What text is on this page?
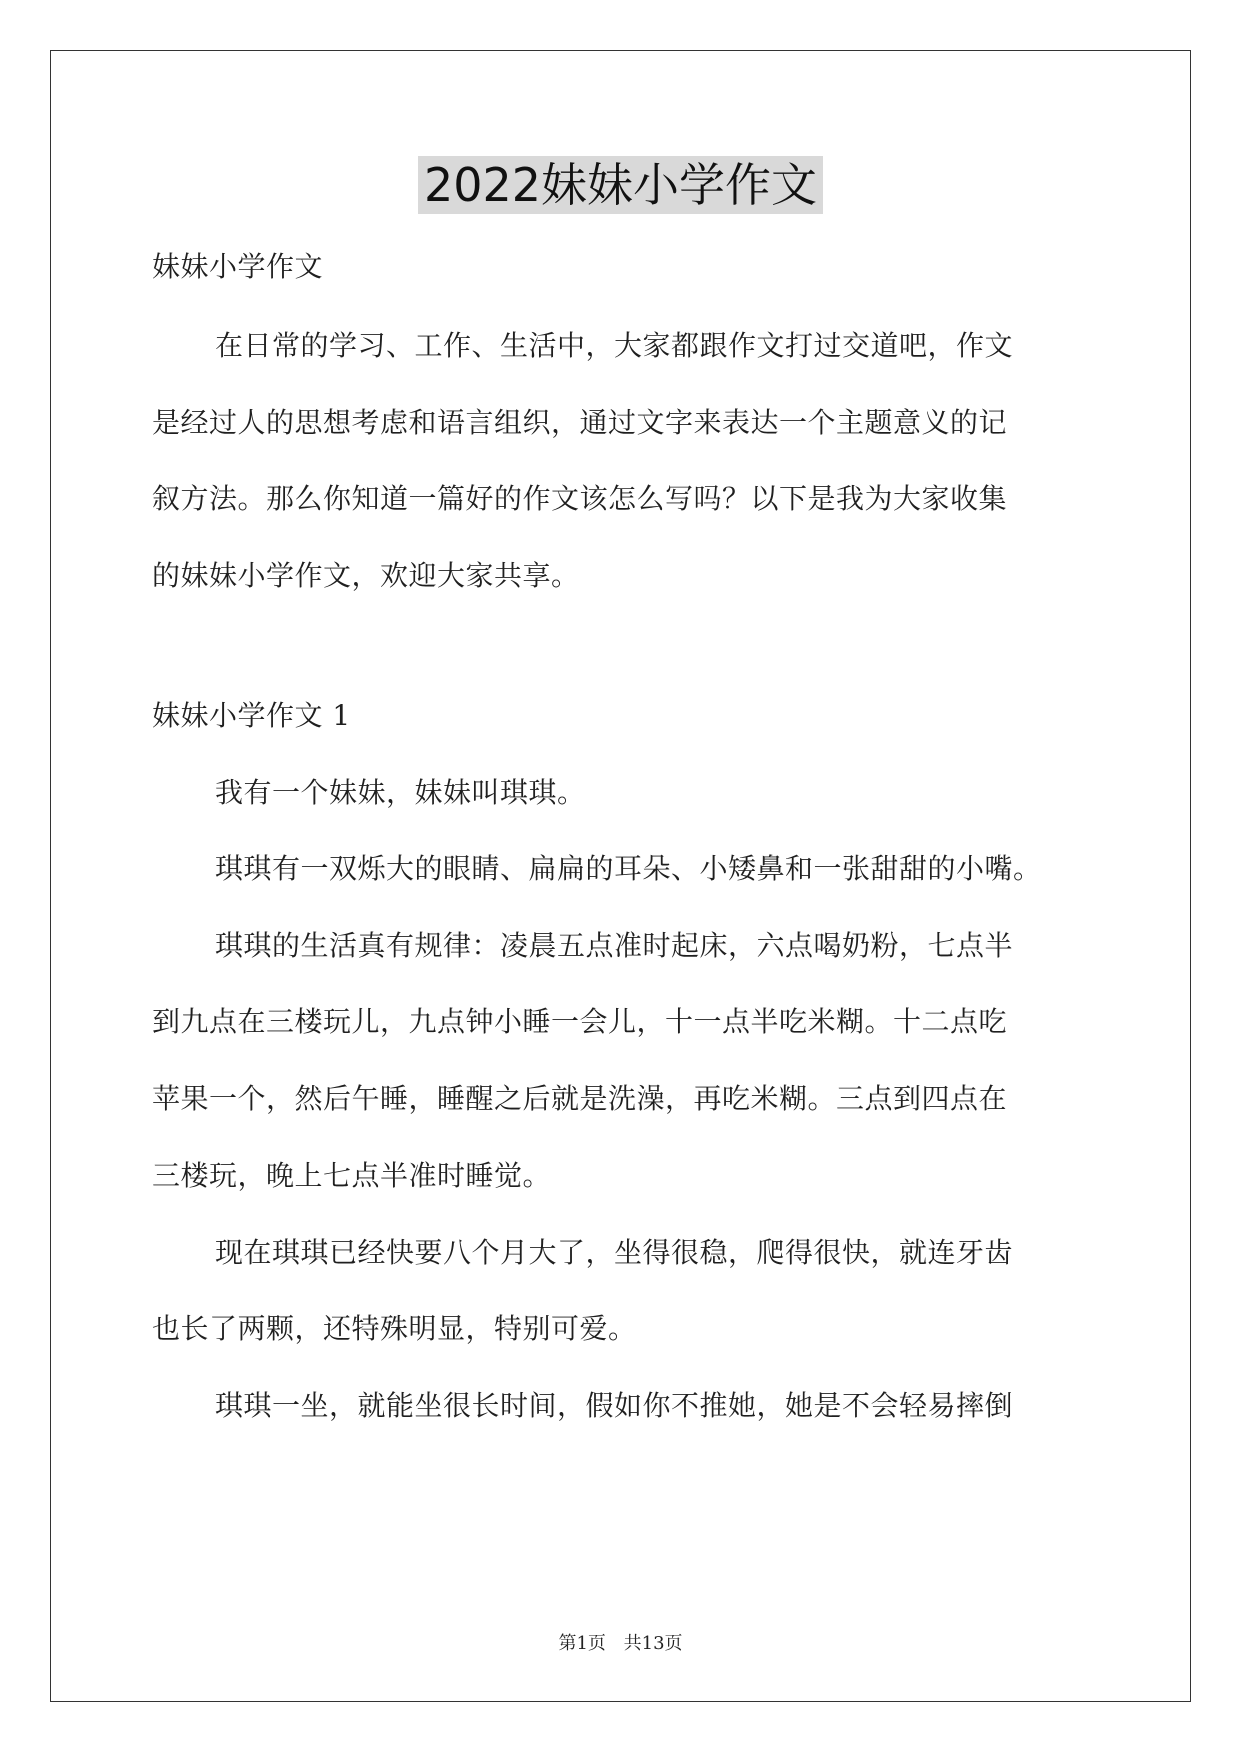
2022妹妹小学作文
妹妹小学作文
在日常的学习、工作、生活中，大家都跟作文打过交道吧，作文
是经过人的思想考虑和语言组织，通过文字来表达一个主题意义的记
叙方法。那么你知道一篇好的作文该怎么写吗？以下是我为大家收集
的妹妹小学作文，欢迎大家共享。
妹妹小学作文 1
我有一个妹妹，妹妹叫琪琪。
琪琪有一双烁大的眼睛、扁扁的耳朵、小矮鼻和一张甜甜的小嘴。
琪琪的生活真有规律：凌晨五点准时起床，六点喝奶粉，七点半
到九点在三楼玩儿，九点钟小睡一会儿，十一点半吃米糊。十二点吃
苹果一个，然后午睡，睡醒之后就是洗澡，再吃米糊。三点到四点在
三楼玩，晚上七点半准时睡觉。
现在琪琪已经快要八个月大了，坐得很稳，爬得很快，就连牙齿
也长了两颗，还特殊明显，特别可爱。
琪琪一坐，就能坐很长时间，假如你不推她，她是不会轻易摔倒
第1页 共13页
